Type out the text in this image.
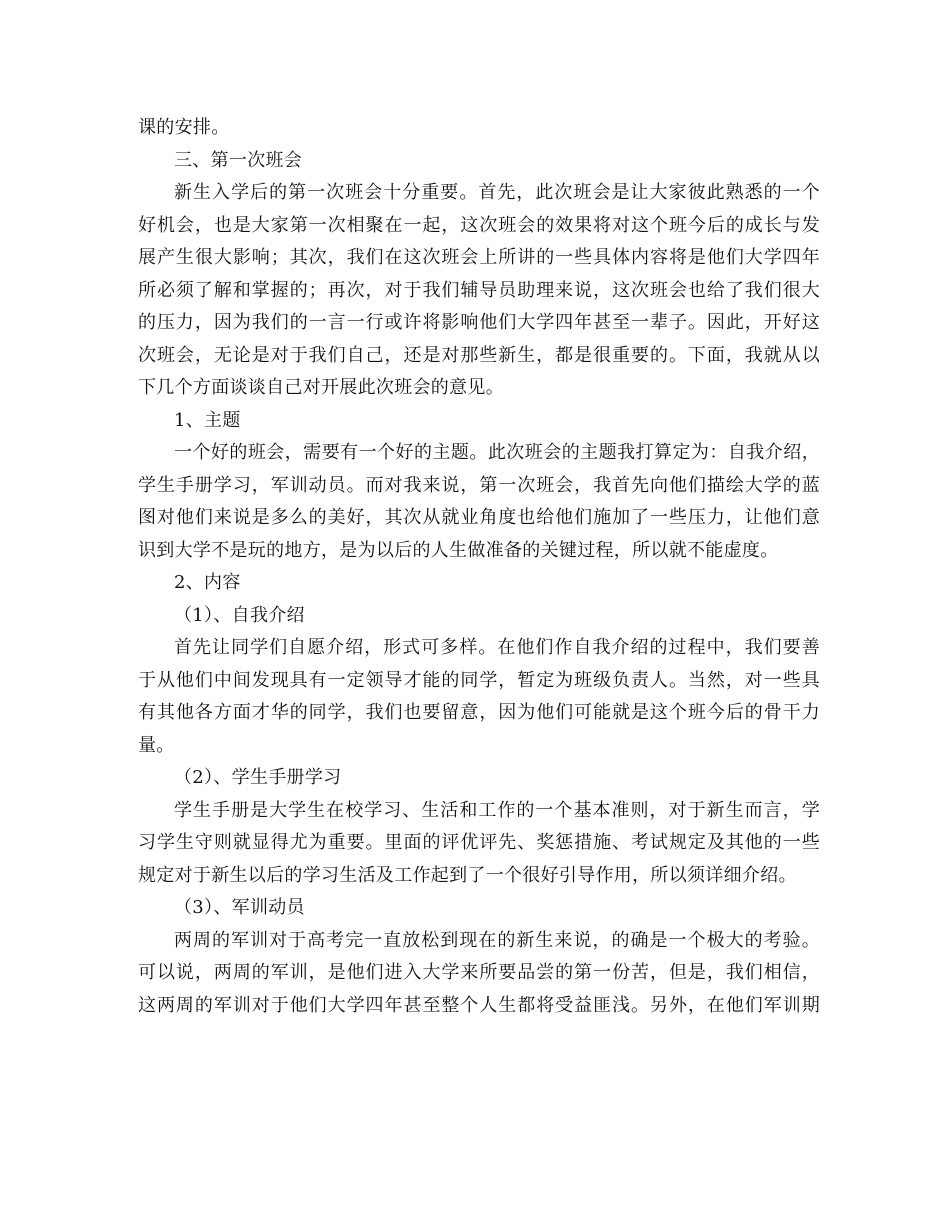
课的安排。
三、第一次班会
新生入学后的第一次班会十分重要。首先，此次班会是让大家彼此熟悉的一个
好机会，也是大家第一次相聚在一起，这次班会的效果将对这个班今后的成长与发
展产生很大影响；其次，我们在这次班会上所讲的一些具体内容将是他们大学四年
所必须了解和掌握的；再次，对于我们辅导员助理来说，这次班会也给了我们很大
的压力，因为我们的一言一行或许将影响他们大学四年甚至一辈子。因此，开好这
次班会，无论是对于我们自己，还是对那些新生，都是很重要的。下面，我就从以
下几个方面谈谈自己对开展此次班会的意见。
1、主题
一个好的班会，需要有一个好的主题。此次班会的主题我打算定为：自我介绍，
学生手册学习，军训动员。而对我来说，第一次班会，我首先向他们描绘大学的蓝
图对他们来说是多么的美好，其次从就业角度也给他们施加了一些压力，让他们意
识到大学不是玩的地方，是为以后的人生做准备的关键过程，所以就不能虚度。
2、内容
（1）、自我介绍
首先让同学们自愿介绍，形式可多样。在他们作自我介绍的过程中，我们要善
于从他们中间发现具有一定领导才能的同学，暂定为班级负责人。当然，对一些具
有其他各方面才华的同学，我们也要留意，因为他们可能就是这个班今后的骨干力
量。
（2）、学生手册学习
学生手册是大学生在校学习、生活和工作的一个基本准则，对于新生而言，学
习学生守则就显得尤为重要。里面的评优评先、奖惩措施、考试规定及其他的一些
规定对于新生以后的学习生活及工作起到了一个很好引导作用，所以须详细介绍。
（3）、军训动员
两周的军训对于高考完一直放松到现在的新生来说，的确是一个极大的考验。
可以说，两周的军训，是他们进入大学来所要品尝的第一份苦，但是，我们相信，
这两周的军训对于他们大学四年甚至整个人生都将受益匪浅。另外，在他们军训期
